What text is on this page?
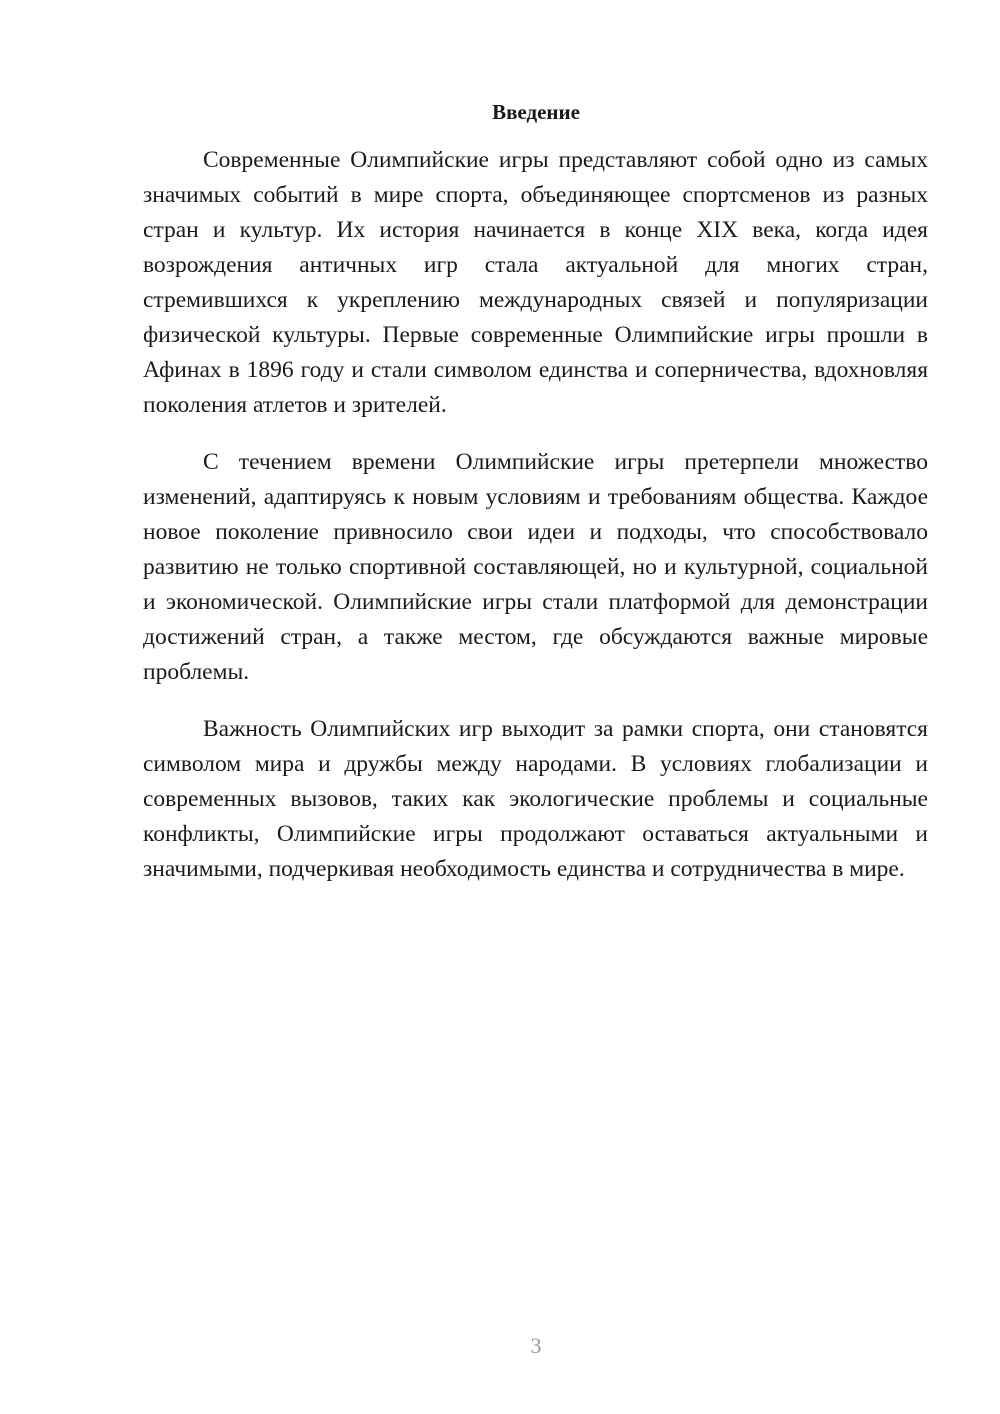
Введение

Современные Олимпийские игры представляют собой одно из самых значимых событий в мире спорта, объединяющее спортсменов из разных стран и культур. Их история начинается в конце XIX века, когда идея возрождения античных игр стала актуальной для многих стран, стремившихся к укреплению международных связей и популяризации физической культуры. Первые современные Олимпийские игры прошли в Афинах в 1896 году и стали символом единства и соперничества, вдохновляя поколения атлетов и зрителей.

С течением времени Олимпийские игры претерпели множество изменений, адаптируясь к новым условиям и требованиям общества. Каждое новое поколение привносило свои идеи и подходы, что способствовало развитию не только спортивной составляющей, но и культурной, социальной и экономической. Олимпийские игры стали платформой для демонстрации достижений стран, а также местом, где обсуждаются важные мировые проблемы.

Важность Олимпийских игр выходит за рамки спорта, они становятся символом мира и дружбы между народами. В условиях глобализации и современных вызовов, таких как экологические проблемы и социальные конфликты, Олимпийские игры продолжают оставаться актуальными и значимыми, подчеркивая необходимость единства и сотрудничества в мире.

3
